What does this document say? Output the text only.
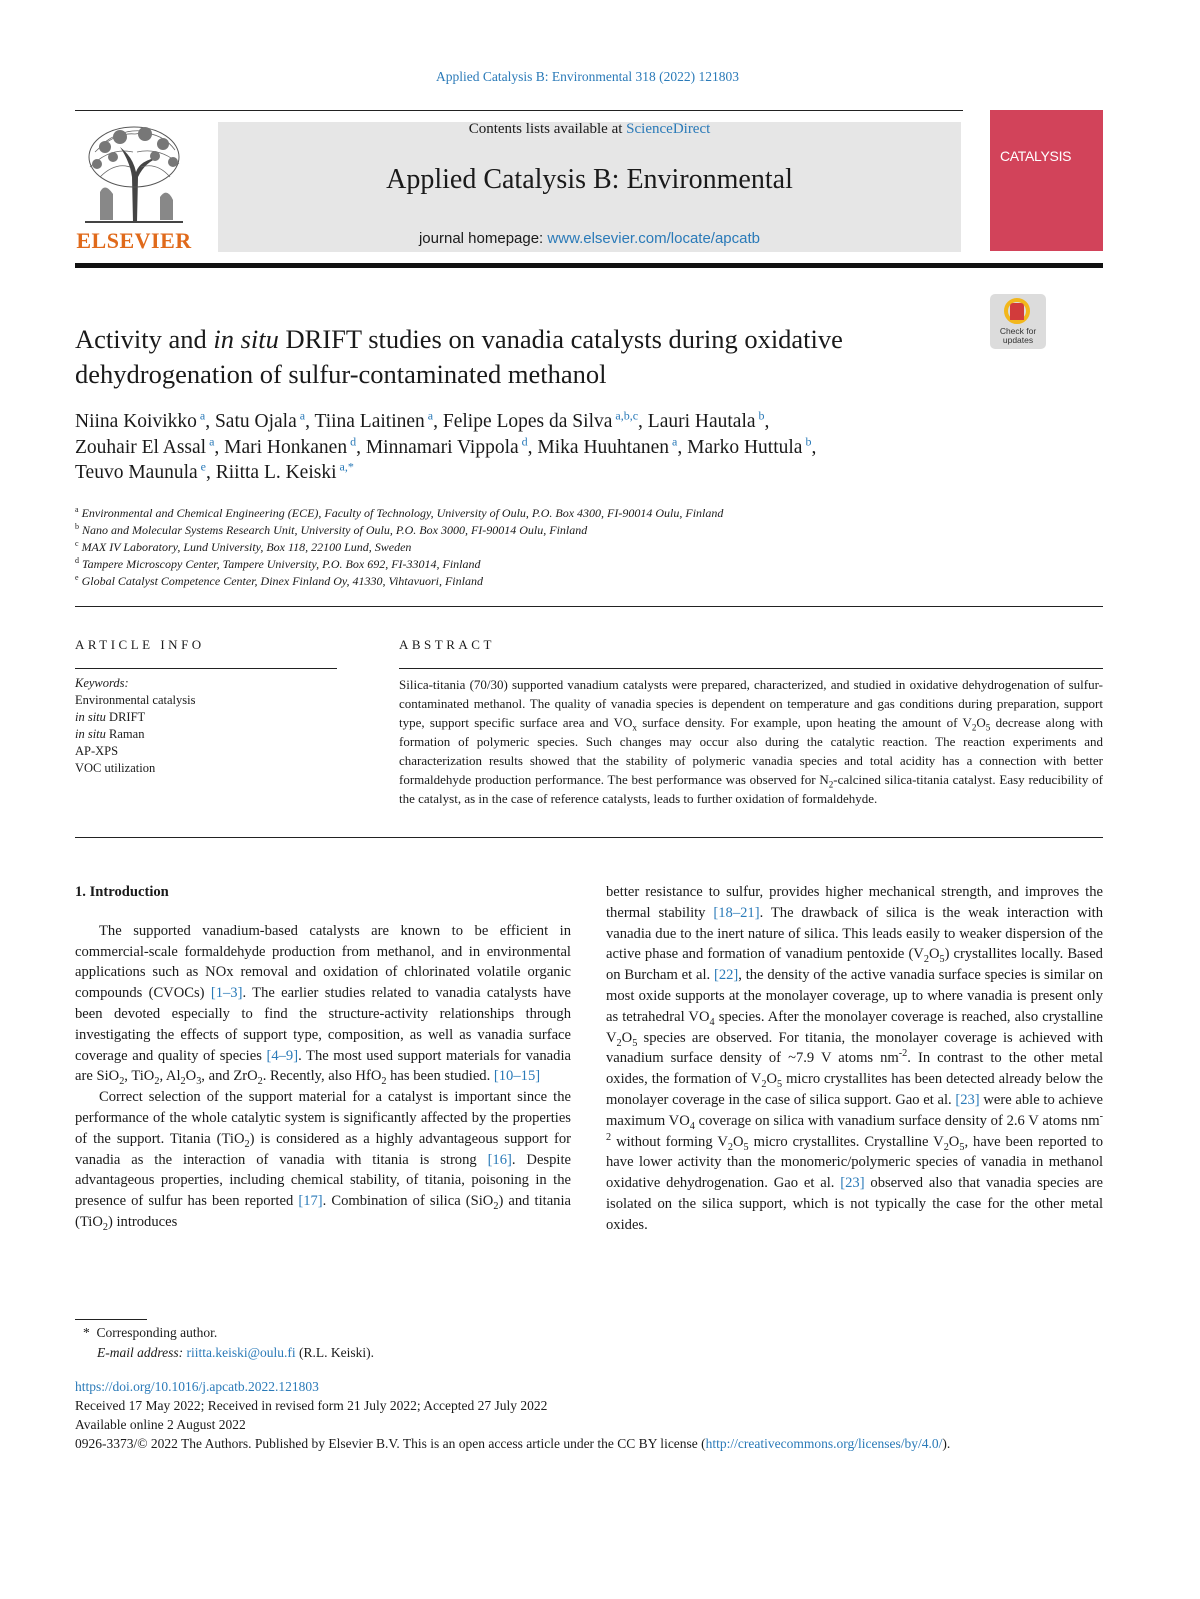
Applied Catalysis B: Environmental 318 (2022) 121803
ELSEVIER
Contents lists available at ScienceDirect
Applied Catalysis B: Environmental
journal homepage: www.elsevier.com/locate/apcatb
CATALYSIS
Check for updates
Activity and in situ DRIFT studies on vanadia catalysts during oxidative dehydrogenation of sulfur-contaminated methanol
Niina Koivikko $^a$, Satu Ojala $^a$, Tiina Laitinen $^a$, Felipe Lopes da Silva $^{a,b,c}$, Lauri Hautala $^b$,
Zouhair El Assal $^a$, Mari Honkanen $^d$, Minnamari Vippola $^d$, Mika Huuhtanen $^a$, Marko Huttula $^b$,
Teuvo Maunula $^e$, Riitta L. Keiski $^{a,*}$
$^a$ Environmental and Chemical Engineering (ECE), Faculty of Technology, University of Oulu, P.O. Box 4300, FI-90014 Oulu, Finland
$^b$ Nano and Molecular Systems Research Unit, University of Oulu, P.O. Box 3000, FI-90014 Oulu, Finland
$^c$ MAX IV Laboratory, Lund University, Box 118, 22100 Lund, Sweden
$^d$ Tampere Microscopy Center, Tampere University, P.O. Box 692, FI-33014, Finland
$^e$ Global Catalyst Competence Center, Dinex Finland Oy, 41330, Vihtavuori, Finland
ARTICLE INFO	ABSTRACT
Keywords:
Environmental catalysis
in situ DRIFT
in situ Raman
AP-XPS
VOC utilization
Silica-titania (70/30) supported vanadium catalysts were prepared, characterized, and studied in oxidative dehydrogenation of sulfur-contaminated methanol. The quality of vanadia species is dependent on temperature and gas conditions during preparation, support type, support specific surface area and $VO_x$ surface density. For example, upon heating the amount of $V_2O_5$ decrease along with formation of polymeric species. Such changes may occur also during the catalytic reaction. The reaction experiments and characterization results showed that the stability of polymeric vanadia species and total acidity has a connection with better formaldehyde production performance. The best performance was observed for $N_2$-calcined silica-titania catalyst. Easy reducibility of the catalyst, as in the case of reference catalysts, leads to further oxidation of formaldehyde.

1. Introduction

The supported vanadium-based catalysts are known to be efficient in commercial-scale formaldehyde production from methanol, and in environmental applications such as NOx removal and oxidation of chlorinated volatile organic compounds (CVOCs) [1–3]. The earlier studies related to vanadia catalysts have been devoted especially to find the structure-activity relationships through investigating the effects of support type, composition, as well as vanadia surface coverage and quality of species [4–9]. The most used support materials for vanadia are SiO$_2$, TiO$_2$, $Al_2O_3$, and ZrO$_2$. Recently, also HfO$_2$ has been studied. [10–15]

Correct selection of the support material for a catalyst is important since the performance of the whole catalytic system is significantly affected by the properties of the support. Titania (TiO$_2$) is considered as a highly advantageous support for vanadia as the interaction of vanadia with titania is strong [16]. Despite advantageous properties, including chemical stability, of titania, poisoning in the presence of sulfur has been reported [17]. Combination of silica (SiO$_2$) and titania (TiO$_2$) introduces

better resistance to sulfur, provides higher mechanical strength, and improves the thermal stability [18–21]. The drawback of silica is the weak interaction with vanadia due to the inert nature of silica. This leads easily to weaker dispersion of the active phase and formation of vanadium pentoxide $(V_2O_5)$ crystallites locally. Based on Burcham et al. [22], the density of the active vanadia surface species is similar on most oxide supports at the monolayer coverage, up to where vanadia is present only as tetrahedral $VO_4$ species. After the monolayer coverage is reached, also crystalline $V_2O_5$ species are observed. For titania, the monolayer coverage is achieved with vanadium surface density of ~7.9 V atoms $nm^{-2}$. In contrast to the other metal oxides, the formation of $V_2O_5$ micro crystallites has been detected already below the monolayer coverage in the case of silica support. Gao et al. [23] were able to achieve maximum $VO_4$ coverage on silica with vanadium surface density of 2.6 V atoms $nm^{-2}$ without forming $V_2O_5$ micro crystallites. Crystalline $V_2O_5$, have been reported to have lower activity than the monomeric/polymeric species of vanadia in methanol oxidative dehydrogenation. Gao et al. [23] observed also that vanadia species are isolated on the silica support, which is not typically the case for the other metal oxides.

* Corresponding author.
E-mail address: riitta.keiski@oulu.fi (R.L. Keiski).
https://doi.org/10.1016/j.apcatb.2022.121803
Received 17 May 2022; Received in revised form 21 July 2022; Accepted 27 July 2022
Available online 2 August 2022
0926-3373/© 2022 The Authors. Published by Elsevier B.V. This is an open access article under the CC BY license (http://creativecommons.org/licenses/by/4.0/).
